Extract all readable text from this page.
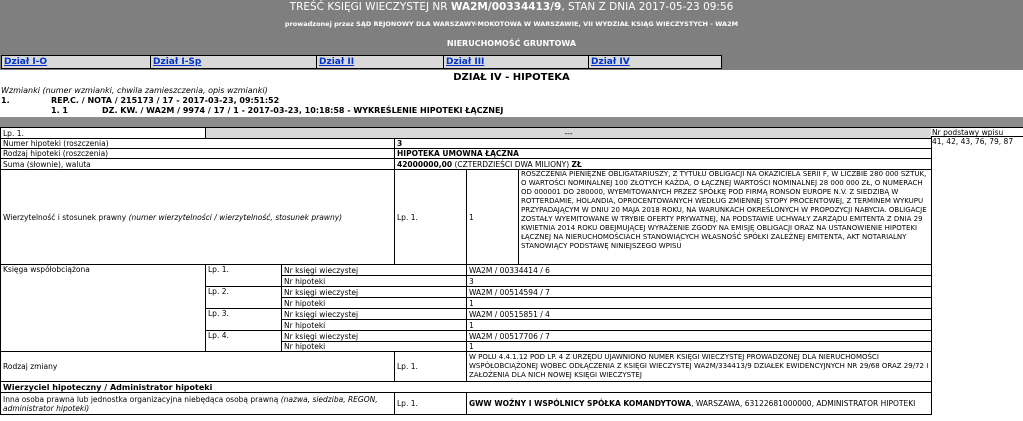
TREŚĆ KSIĘGI WIECZYSTEJ NR WA2M/00334413/9, STAN Z DNIA 2017-05-23 09:56
prowadzonej przez SĄD REJONOWY DLA WARSZAWY-MOKOTOWA W WARSZAWIE, VII WYDZIAŁ KSIĄG WIECZYSTYCH - WA2M
NIERUCHOMOŚĆ GRUNTOWA
Dział I-O	Dział I-Sp	Dział II	Dział III	Dział IV
DZIAŁ IV - HIPOTEKA
Wzmianki (numer wzmianki, chwila zamieszczenia, opis wzmianki)
1.	REP.C. / NOTA / 215173 / 17 - 2017-03-23, 09:51:52
1. 1	DZ. KW. / WA2M / 9974 / 17 / 1 - 2017-03-23, 10:18:58 - WYKREŚLENIE HIPOTEKI ŁĄCZNEJ
Lp. 1.	---				
Numer hipoteki (roszczenia)			3		
Rodzaj hipoteki (roszczenia)			HIPOTEKA UMOWNA ŁĄCZNA		
Suma (słownie), waluta			42000000,00 (CZTERDZIEŚCI DWA MILIONY) ZŁ		
Wierzytelność i stosunek prawny (numer wierzytelności / wierzytelność, stosunek prawny)			Lp. 1.	1	ROSZCZENIA PIENIĘŻNE OBLIGATARIUSZY, Z TYTUŁU OBLIGACJI NA OKAZICIELA SERII F, W LICZBIE 280 000 SZTUK, O WARTOŚCI NOMINALNEJ 100 ZŁOTYCH KAŻDA, O ŁĄCZNEJ WARTOŚCI NOMINALNEJ 28 000 000 ZŁ, O NUMERACH OD 000001 DO 280000, WYEMITOWANYCH PRZEZ SPÓŁKĘ POD FIRMĄ RONSON EUROPE N.V. Z SIEDZIBĄ W ROTTERDAMIE, HOLANDIA, OPROCENTOWANYCH WEDŁUG ZMIENNEJ STOPY PROCENTOWEJ, Z TERMINEM WYKUPU PRZYPADAJĄCYM W DNIU 20 MAJA 2018 ROKU, NA WARUNKACH OKREŚLONYCH W PROPOZYCJI NABYCIA. OBLIGACJE ZOSTAŁY WYEMITOWANE W TRYBIE OFERTY PRYWATNEJ, NA PODSTAWIE UCHWAŁY ZARZĄDU EMITENTA Z DNIA 29 KWIETNIA 2014 ROKU OBEJMUJĄCEJ WYRAŻENIE ZGODY NA EMISJĘ OBLIGACJI ORAZ NA USTANOWIENIE HIPOTEKI ŁĄCZNEJ NA NIERUCHOMOŚCIACH STANOWIĄCYCH WŁASNOŚĆ SPÓŁKI ZALEŻNEJ EMITENTA, AKT NOTARIALNY STANOWIĄCY PODSTAWĘ NINIEJSZEGO WPISU
Księga współobciążona	Lp. 1.	Nr księgi wieczystej		WA2M / 00334414 / 6	
		Nr hipoteki		3	
	Lp. 2.	Nr księgi wieczystej		WA2M / 00514594 / 7	
		Nr hipoteki		1	
	Lp. 3.	Nr księgi wieczystej		WA2M / 00515851 / 4	
		Nr hipoteki		1	
	Lp. 4.	Nr księgi wieczystej		WA2M / 00517706 / 7	
		Nr hipoteki		1	
Rodzaj zmiany			Lp. 1.	W POLU 4.4.1.12 POD LP. 4 Z URZĘDU UJAWNIONO NUMER KSIĘGI WIECZYSTEJ PROWADZONEJ DLA NIERUCHOMOŚCI WSPÓŁOBCIĄŻONEJ WOBEC ODŁĄCZENIA Z KSIĘGI WIECZYSTEJ WA2M/334413/9 DZIAŁEK EWIDENCYJNYCH NR 29/68 ORAZ 29/72 I ZAŁOŻENIA DLA NICH NOWEJ KSIĘGI WIECZYSTEJ	
Wierzyciel hipoteczny / Administrator hipoteki					
Inna osoba prawna lub jednostka organizacyjna niebędąca osobą prawną (nazwa, siedziba, REGON, administrator hipoteki)			Lp. 1.	GWW WOŹNY I WSPÓLNICY SPÓŁKA KOMANDYTOWA, WARSZAWA, 63122681000000, ADMINISTRATOR HIPOTEKI	
Nr podstawy wpisu
41, 42, 43, 76, 79, 87
